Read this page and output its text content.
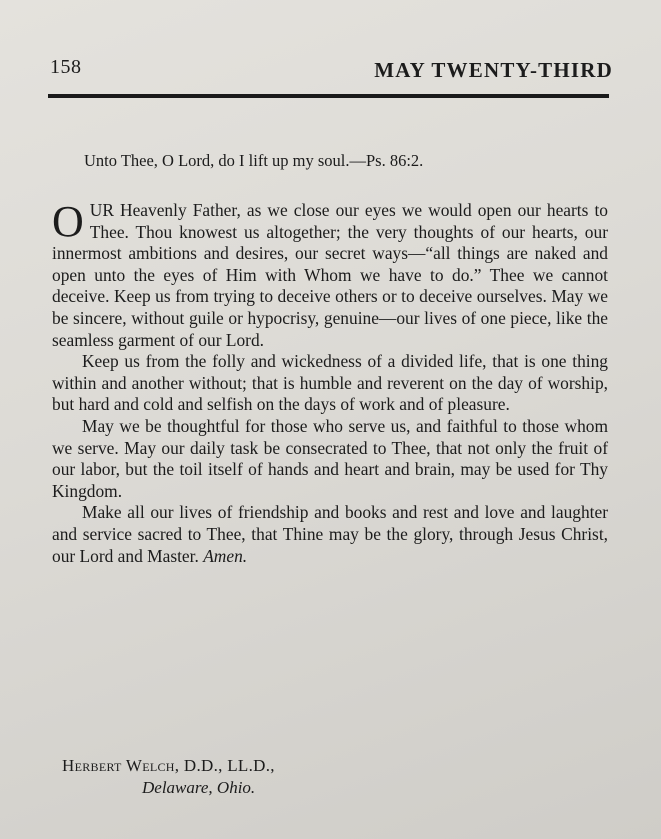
158	MAY TWENTY-THIRD
Unto Thee, O Lord, do I lift up my soul.—Ps. 86:2.

OUR Heavenly Father, as we close our eyes we would open our hearts to Thee. Thou knowest us altogether; the very thoughts of our hearts, our innermost ambitions and desires, our secret ways—“all things are naked and open unto the eyes of Him with Whom we have to do.” Thee we cannot deceive. Keep us from trying to deceive others or to deceive ourselves. May we be sincere, without guile or hypocrisy, genuine—our lives of one piece, like the seamless garment of our Lord.

Keep us from the folly and wickedness of a divided life, that is one thing within and another without; that is humble and reverent on the day of worship, but hard and cold and selfish on the days of work and of pleasure.

May we be thoughtful for those who serve us, and faithful to those whom we serve. May our daily task be consecrated to Thee, that not only the fruit of our labor, but the toil itself of hands and heart and brain, may be used for Thy Kingdom.

Make all our lives of friendship and books and rest and love and laughter and service sacred to Thee, that Thine may be the glory, through Jesus Christ, our Lord and Master. Amen.

Herbert Welch, D.D., LL.D.,
Delaware, Ohio.
